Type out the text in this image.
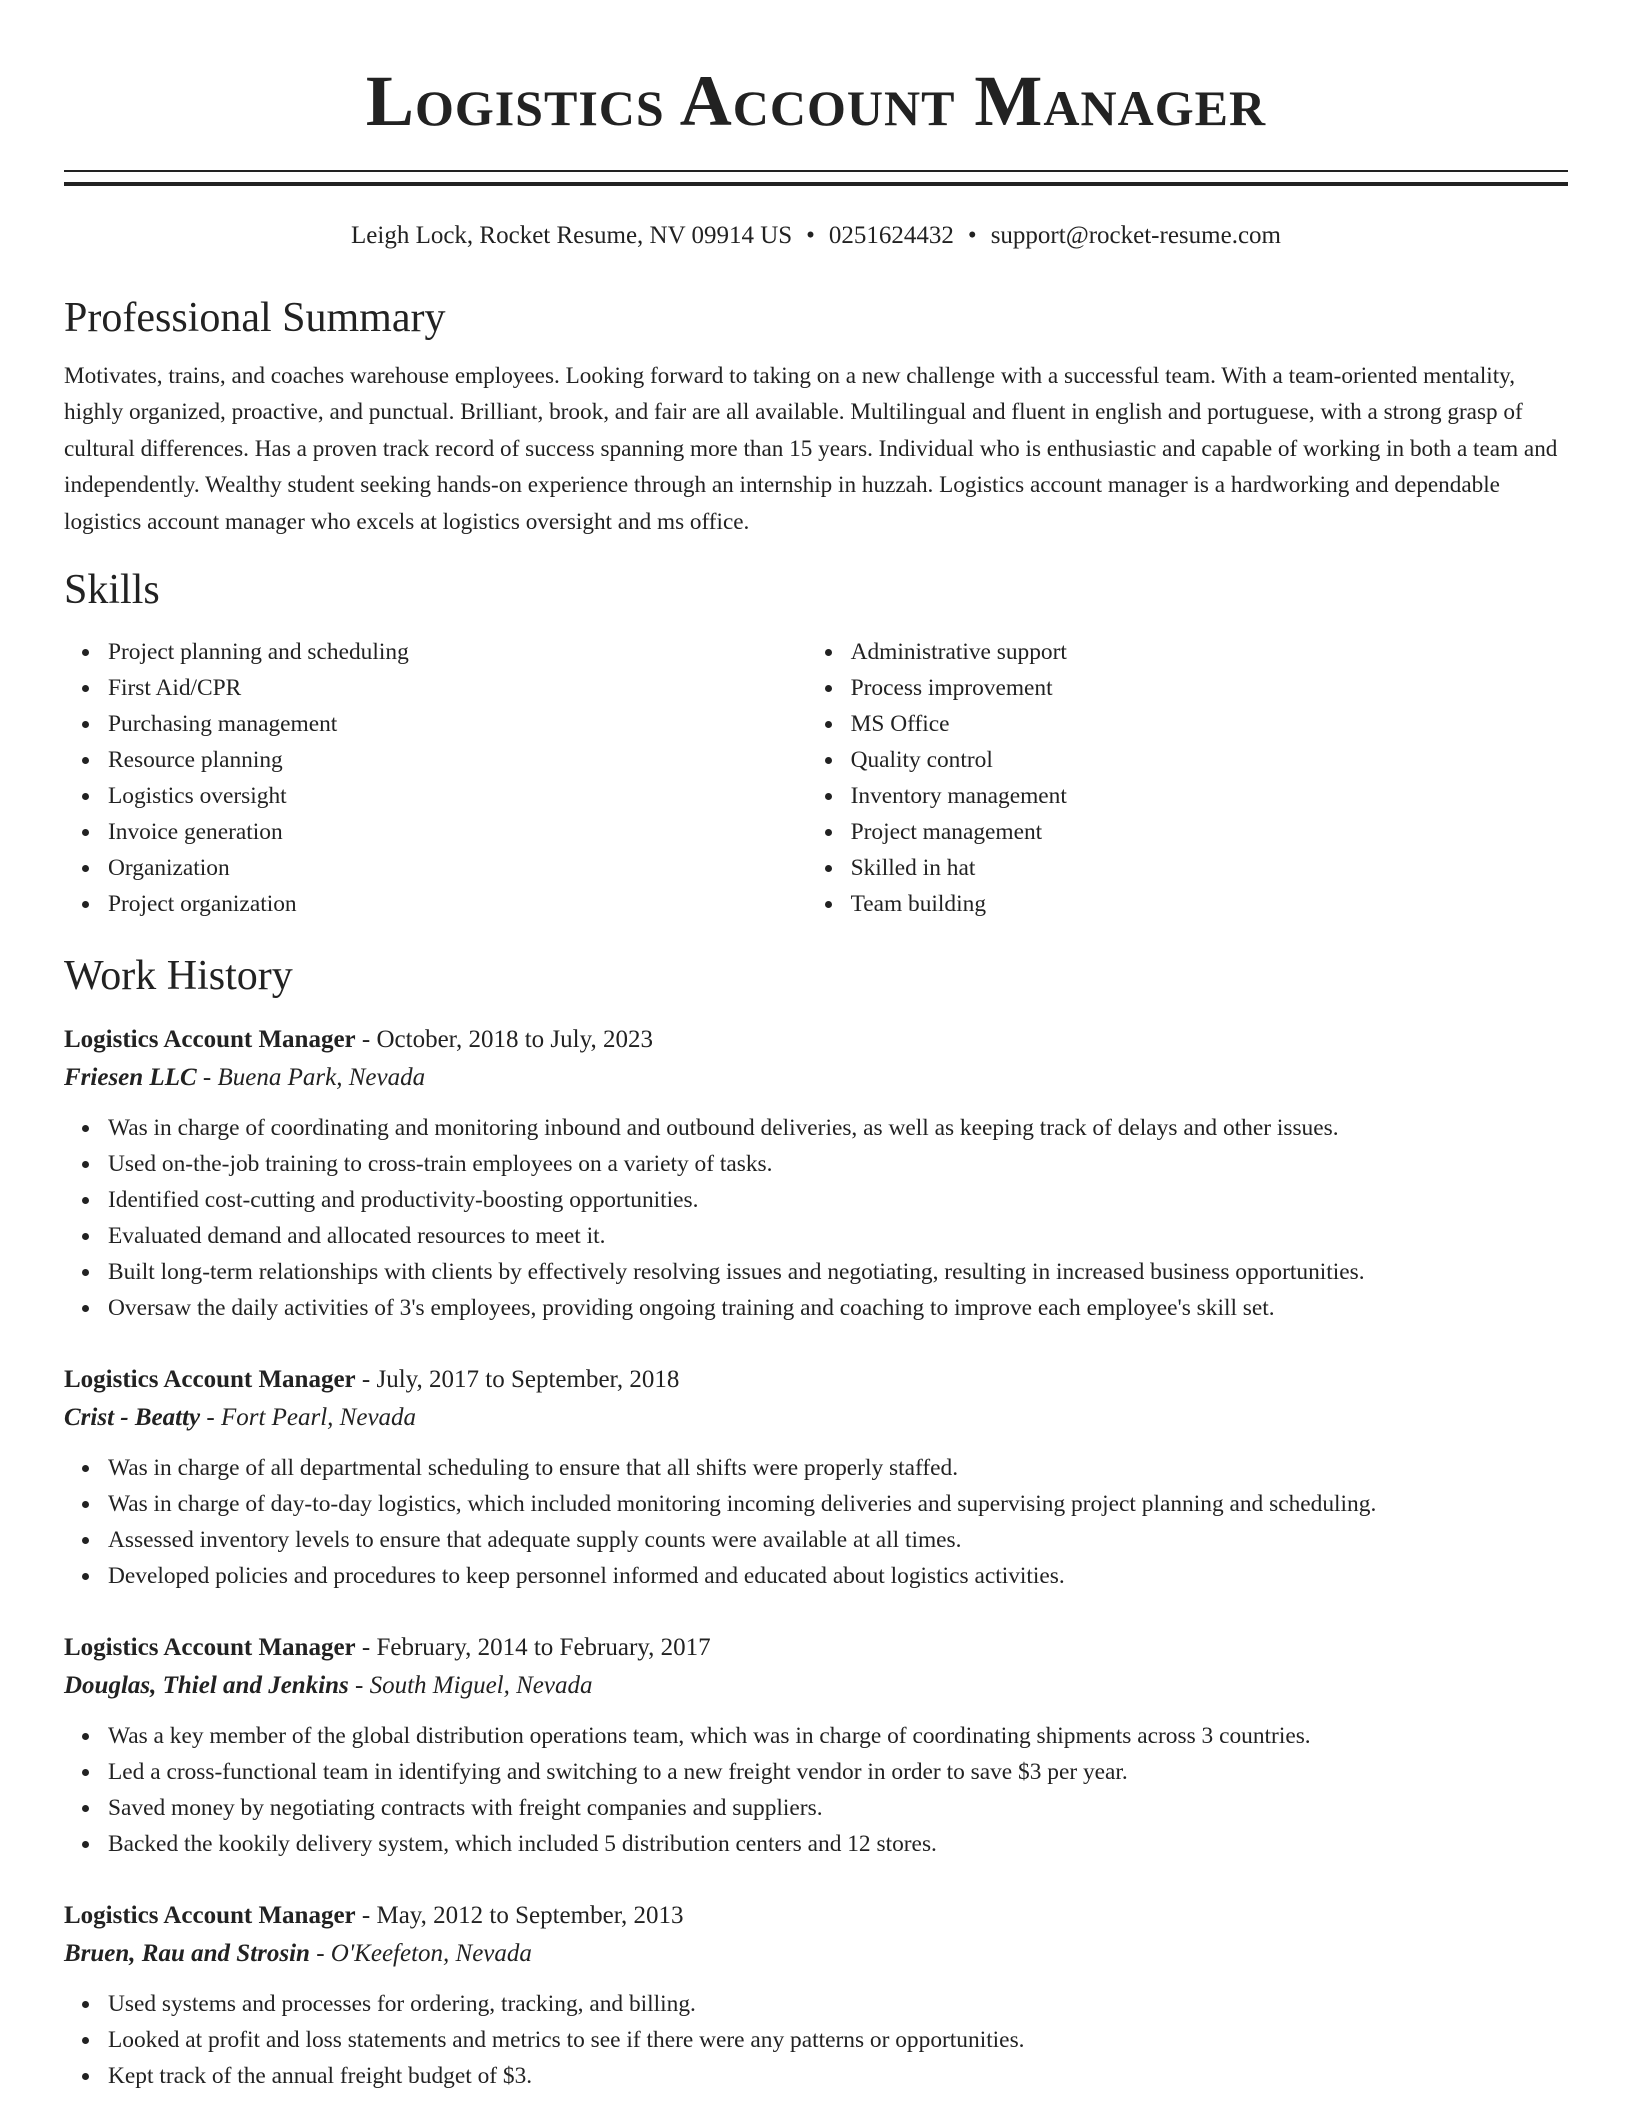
Logistics Account Manager
Leigh Lock, Rocket Resume, NV 09914 US • 0251624432 • support@rocket-resume.com
Professional Summary

Motivates, trains, and coaches warehouse employees. Looking forward to taking on a new challenge with a successful team. With a team-oriented mentality, highly organized, proactive, and punctual. Brilliant, brook, and fair are all available. Multilingual and fluent in english and portuguese, with a strong grasp of cultural differences. Has a proven track record of success spanning more than 15 years. Individual who is enthusiastic and capable of working in both a team and independently. Wealthy student seeking hands-on experience through an internship in huzzah. Logistics account manager is a hardworking and dependable logistics account manager who excels at logistics oversight and ms office.

Skills
Project planning and scheduling
First Aid/CPR
Purchasing management
Resource planning
Logistics oversight
Invoice generation
Organization
Project organization
Administrative support
Process improvement
MS Office
Quality control
Inventory management
Project management
Skilled in hat
Team building
Work History
Logistics Account Manager - October, 2018 to July, 2023
Friesen LLC - Buena Park, Nevada
Was in charge of coordinating and monitoring inbound and outbound deliveries, as well as keeping track of delays and other issues.
Used on-the-job training to cross-train employees on a variety of tasks.
Identified cost-cutting and productivity-boosting opportunities.
Evaluated demand and allocated resources to meet it.
Built long-term relationships with clients by effectively resolving issues and negotiating, resulting in increased business opportunities.
Oversaw the daily activities of 3's employees, providing ongoing training and coaching to improve each employee's skill set.
Logistics Account Manager - July, 2017 to September, 2018
Crist - Beatty - Fort Pearl, Nevada
Was in charge of all departmental scheduling to ensure that all shifts were properly staffed.
Was in charge of day-to-day logistics, which included monitoring incoming deliveries and supervising project planning and scheduling.
Assessed inventory levels to ensure that adequate supply counts were available at all times.
Developed policies and procedures to keep personnel informed and educated about logistics activities.
Logistics Account Manager - February, 2014 to February, 2017
Douglas, Thiel and Jenkins - South Miguel, Nevada
Was a key member of the global distribution operations team, which was in charge of coordinating shipments across 3 countries.
Led a cross-functional team in identifying and switching to a new freight vendor in order to save $3 per year.
Saved money by negotiating contracts with freight companies and suppliers.
Backed the kookily delivery system, which included 5 distribution centers and 12 stores.
Logistics Account Manager - May, 2012 to September, 2013
Bruen, Rau and Strosin - O'Keefeton, Nevada
Used systems and processes for ordering, tracking, and billing.
Looked at profit and loss statements and metrics to see if there were any patterns or opportunities.
Kept track of the annual freight budget of $3.
